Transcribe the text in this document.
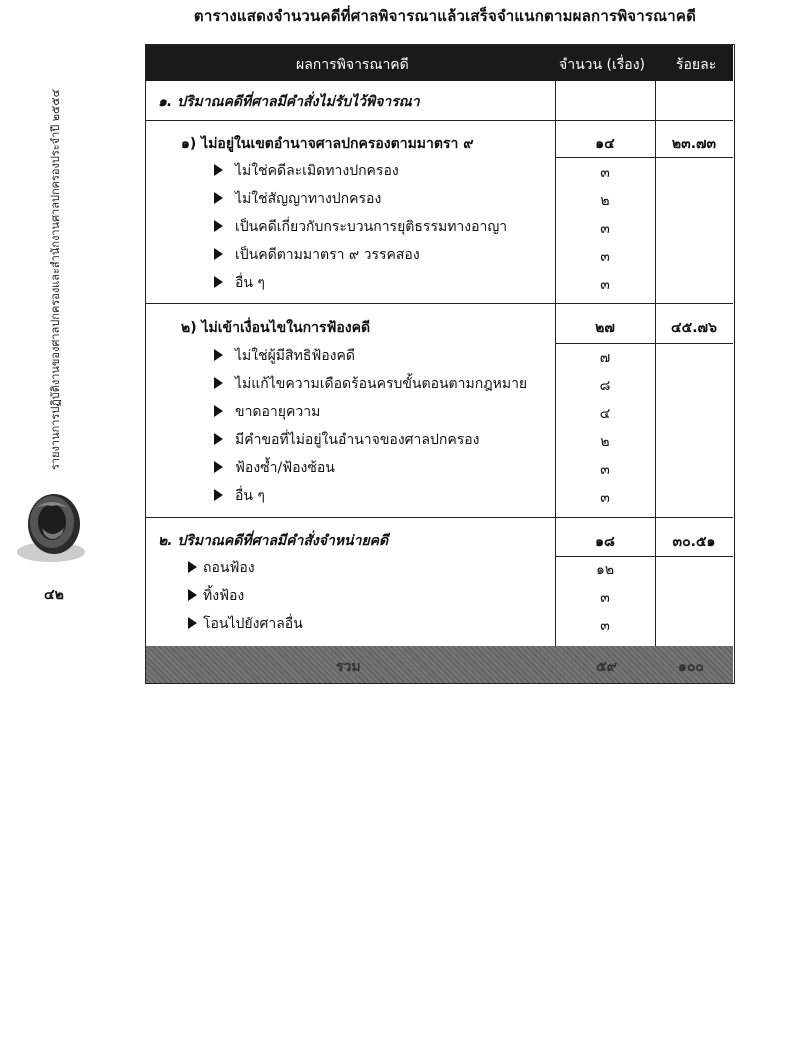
ตารางแสดงจำนวนคดีที่ศาลพิจารณาแล้วเสร็จจำแนกตามผลการพิจารณาคดี
รายงานการปฏิบัติงานของศาลปกครองและสำนักงานศาลปกครองประจำปี ๒๕๕๔
๔๒
ผลการพิจารณาคดี	จำนวน (เรื่อง) ร้อยละ
๑. ปริมาณคดีที่ศาลมีคำสั่งไม่รับไว้พิจารณา
๑) ไม่อยู่ในเขตอำนาจศาลปกครองตามมาตรา ๙	๑๔	๒๓.๗๓
ไม่ใช่คดีละเมิดทางปกครอง	๓
ไม่ใช่สัญญาทางปกครอง	๒
เป็นคดีเกี่ยวกับกระบวนการยุติธรรมทางอาญา	๓
เป็นคดีตามมาตรา ๙ วรรคสอง	๓
อื่น ๆ	๓
๒) ไม่เข้าเงื่อนไขในการฟ้องคดี	๒๗	๔๕.๗๖
ไม่ใช่ผู้มีสิทธิฟ้องคดี	๗
ไม่แก้ไขความเดือดร้อนครบขั้นตอนตามกฎหมาย	๘
ขาดอายุความ	๔
มีคำขอที่ไม่อยู่ในอำนาจของศาลปกครอง	๒
ฟ้องซ้ำ/ฟ้องซ้อน	๓
อื่น ๆ	๓
๒. ปริมาณคดีที่ศาลมีคำสั่งจำหน่ายคดี	๑๘	๓๐.๕๑
ถอนฟ้อง	๑๒
ทิ้งฟ้อง	๓
โอนไปยังศาลอื่น	๓
รวม	๕๙	๑๐๐
